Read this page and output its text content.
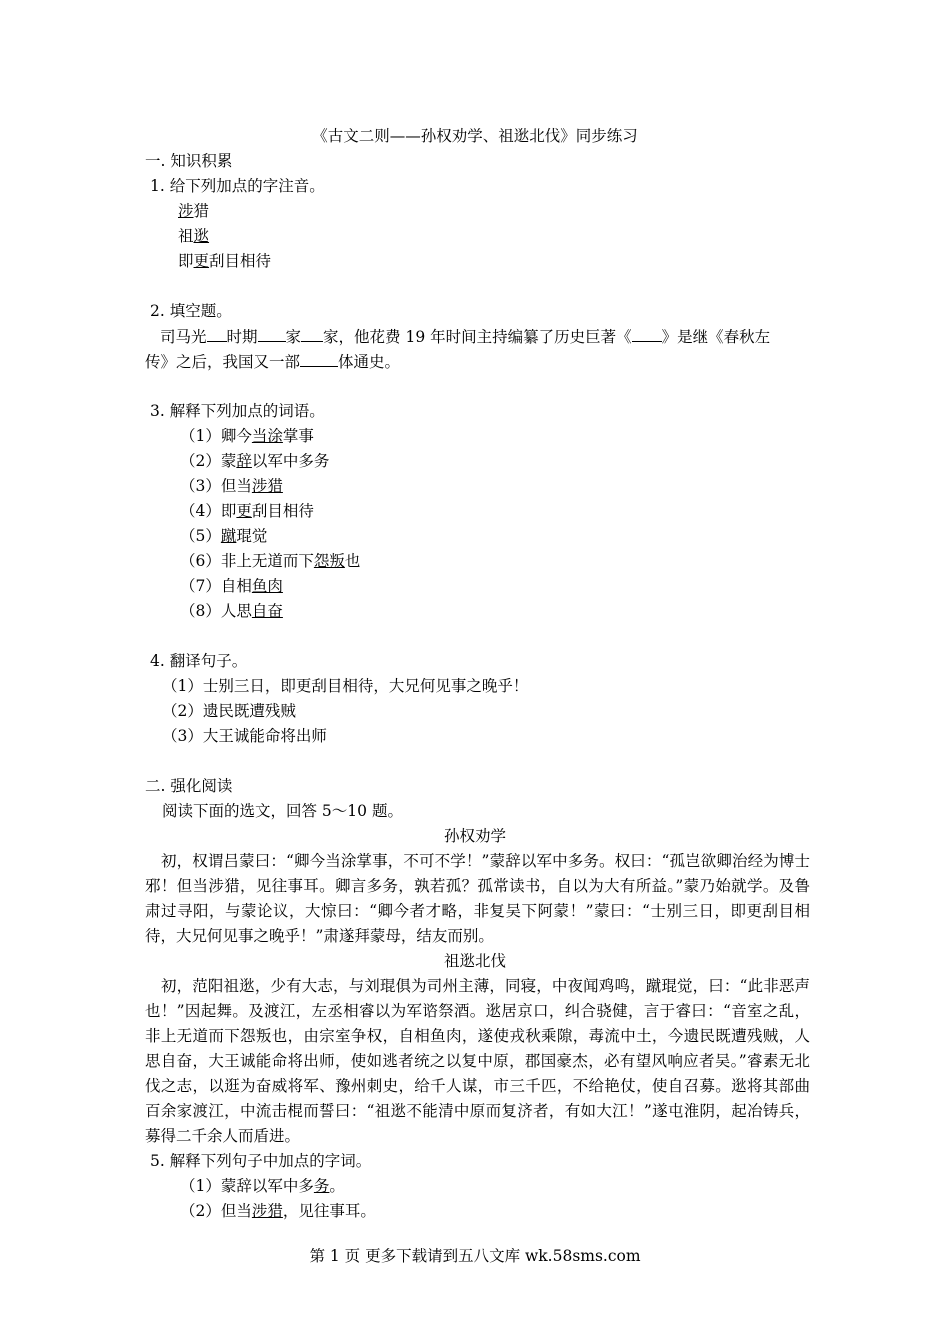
《古文二则——孙权劝学、祖逖北伐》同步练习
一. 知识积累
1. 给下列加点的字注音。
涉猎
祖逖
即更刮目相待
2. 填空题。
司马光 时期 家 家，他花费 19 年时间主持编纂了历史巨著《 》是继《春秋左
传》之后，我国又一部 体通史。
3. 解释下列加点的词语。
（1）卿今当涂掌事
（2）蒙辞以军中多务
（3）但当涉猎
（4）即更刮目相待
（5）蹴琨觉
（6）非上无道而下怨叛也
（7）自相鱼肉
（8）人思自奋
4. 翻译句子。
（1）士别三日，即更刮目相待，大兄何见事之晚乎！
（2）遗民既遭残贼
（3）大王诚能命将出师
二. 强化阅读
阅读下面的选文，回答 5～10 题。
孙权劝学
初，权谓吕蒙曰：“卿今当涂掌事，不可不学！”蒙辞以军中多务。权曰：“孤岂欲卿治经为博士邪！但当涉猎，见往事耳。卿言多务，孰若孤？孤常读书，自以为大有所益。”蒙乃始就学。及鲁肃过寻阳，与蒙论议，大惊曰：“卿今者才略，非复吴下阿蒙！”蒙曰：“士别三日，即更刮目相待，大兄何见事之晚乎！”肃遂拜蒙母，结友而别。
祖逖北伐
初，范阳祖逖，少有大志，与刘琨俱为司州主薄，同寝，中夜闻鸡鸣，蹴琨觉，曰：“此非恶声也！”因起舞。及渡江，左丞相睿以为军谘祭酒。逖居京口，纠合骁健，言于睿曰：“音室之乱，非上无道而下怨叛也，由宗室争权，自相鱼肉，遂使戎秋乘隙，毒流中土，今遗民既遭残贼，人思自奋，大王诚能命将出师，使如逃者统之以复中原，郡国豪杰，必有望风响应者吴。”睿素无北伐之志，以逛为奋威将军、豫州刺史，给千人谋，市三千匹，不给艳仗，使自召募。逖将其部曲百余家渡江，中流击棍而誓曰：“祖逖不能清中原而复济者，有如大江！”遂屯淮阴，起冶铸兵，募得二千余人而盾进。
5. 解释下列句子中加点的字词。
（1）蒙辞以军中多务。
（2）但当涉猎，见往事耳。
第 1 页 更多下载请到五八文库 wk.58sms.com
